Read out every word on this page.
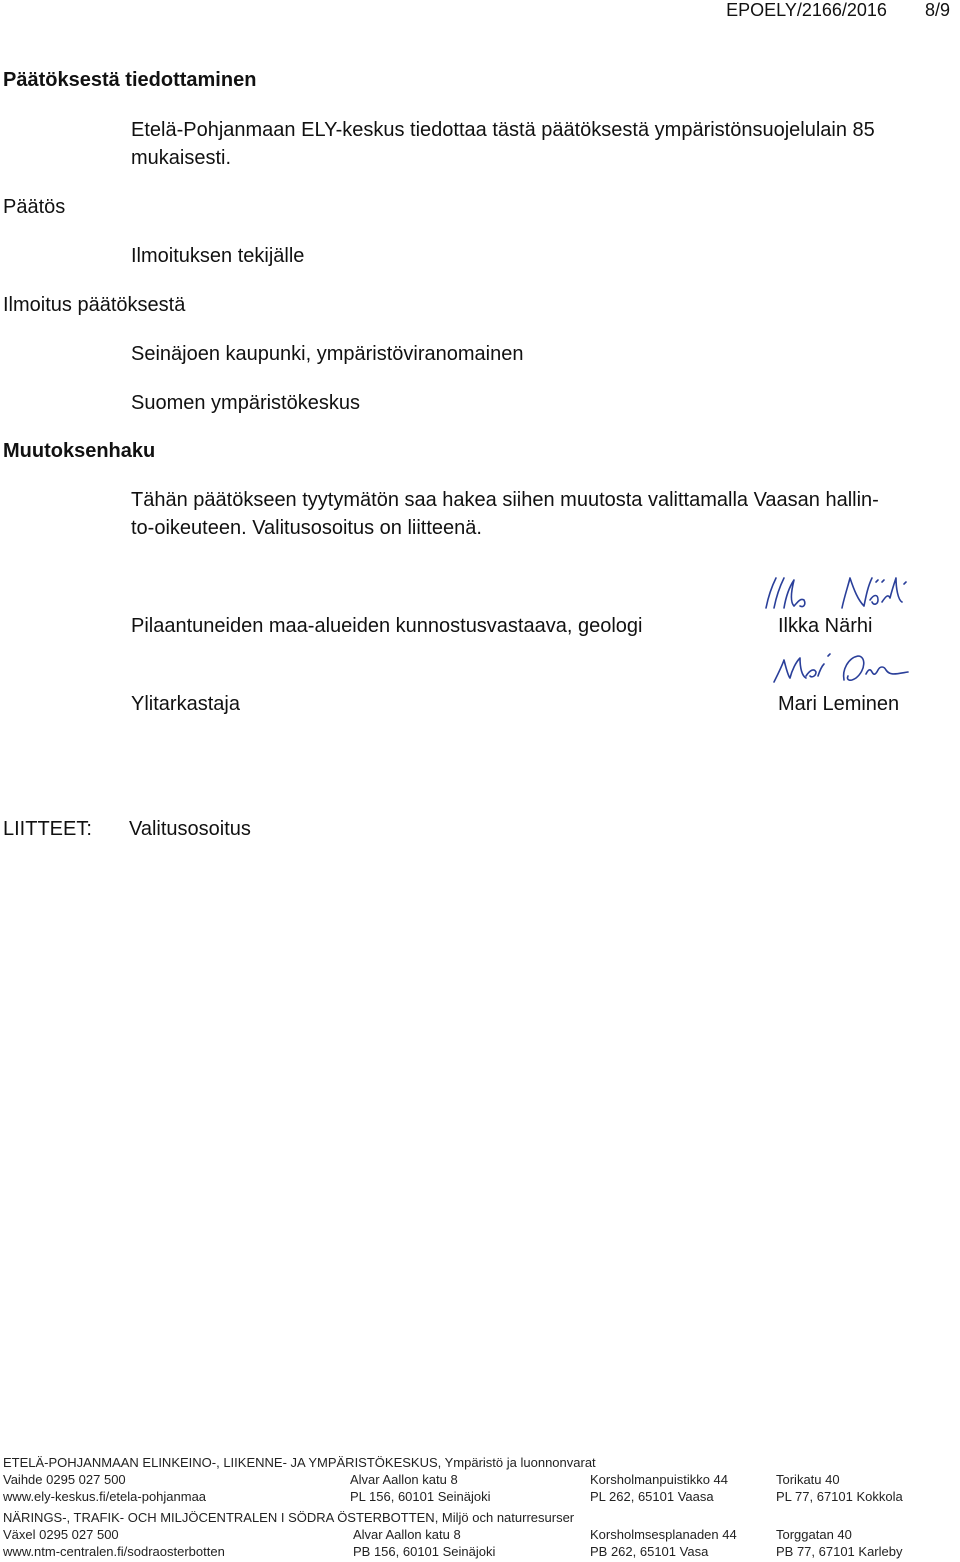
EPOELY/2166/2016 8/9
Päätöksestä tiedottaminen
Etelä-Pohjanmaan ELY-keskus tiedottaa tästä päätöksestä ympäristönsuojelulain 85
mukaisesti.
Päätös
Ilmoituksen tekijälle
Ilmoitus päätöksestä
Seinäjoen kaupunki, ympäristöviranomainen
Suomen ympäristökeskus
Muutoksenhaku
Tähän päätökseen tyytymätön saa hakea siihen muutosta valittamalla Vaasan hallin-
to-oikeuteen. Valitusosoitus on liitteenä.
Pilaantuneiden maa-alueiden kunnostusvastaava, geologi	Ilkka Närhi
Ylitarkastaja	Mari Leminen
LIITTEET: Valitusosoitus
ETELÄ-POHJANMAAN ELINKEINO-, LIIKENNE- JA YMPÄRISTÖKESKUS, Ympäristö ja luonnonvarat
Vaihde 0295 027 500	Alvar Aallon katu 8	Korsholmanpuistikko 44	Torikatu 40
www.ely-keskus.fi/etela-pohjanmaa	PL 156, 60101 Seinäjoki	PL 262, 65101 Vaasa	PL 77, 67101 Kokkola
NÄRINGS-, TRAFIK- OCH MILJÖCENTRALEN I SÖDRA ÖSTERBOTTEN, Miljö och naturresurser
Växel 0295 027 500	Alvar Aallon katu 8	Korsholmsesplanaden 44	Torggatan 40
www.ntm-centralen.fi/sodraosterbotten	PB 156, 60101 Seinäjoki	PB 262, 65101 Vasa	PB 77, 67101 Karleby
